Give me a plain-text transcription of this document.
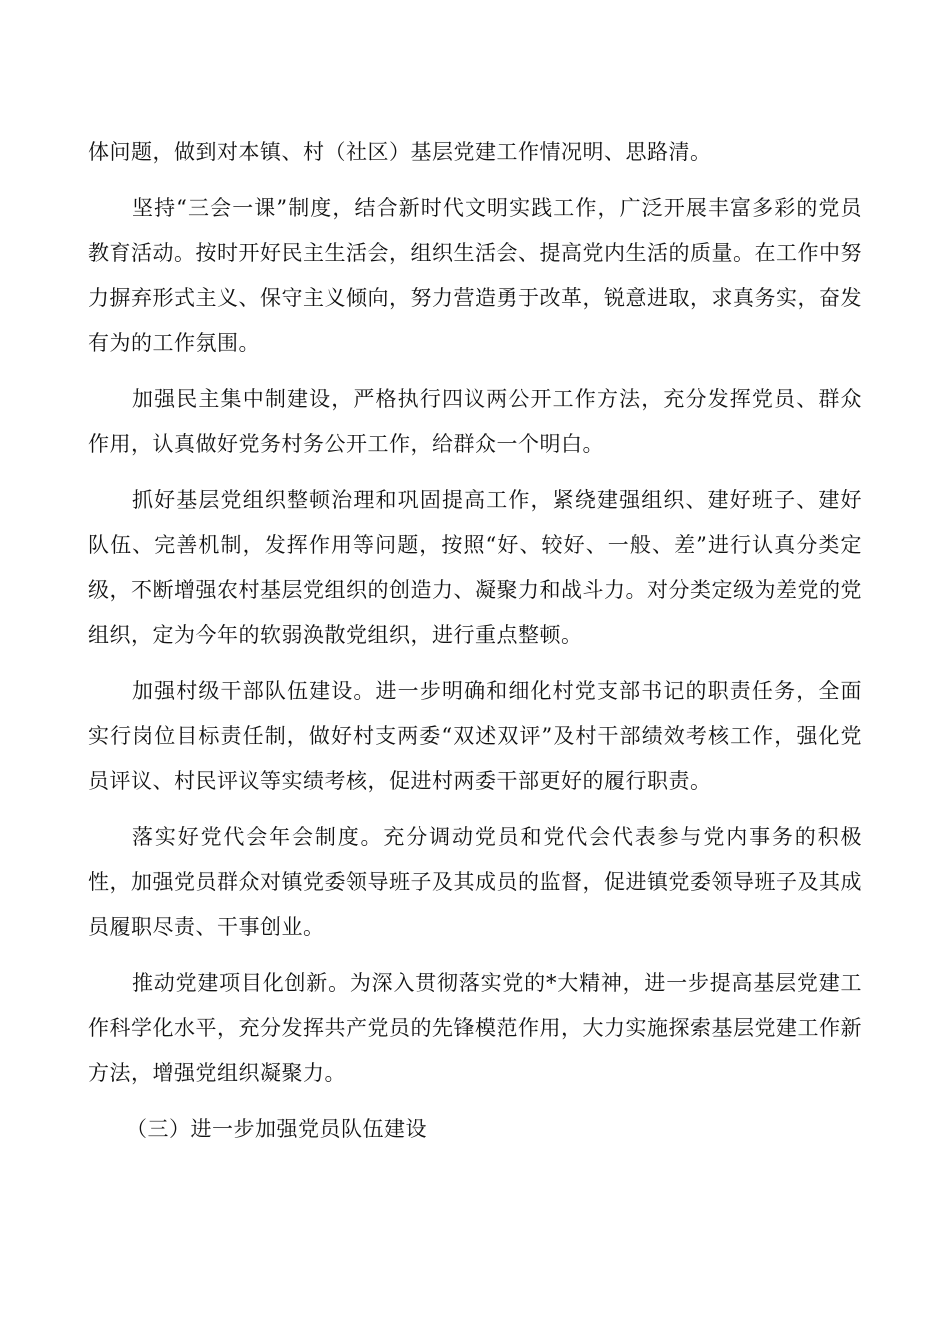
体问题，做到对本镇、村（社区）基层党建工作情况明、思路清。

坚持“三会一课”制度，结合新时代文明实践工作，广泛开展丰富多彩的党员教育活动。按时开好民主生活会，组织生活会、提高党内生活的质量。在工作中努力摒弃形式主义、保守主义倾向，努力营造勇于改革，锐意进取，求真务实，奋发有为的工作氛围。

加强民主集中制建设，严格执行四议两公开工作方法，充分发挥党员、群众作用，认真做好党务村务公开工作，给群众一个明白。

抓好基层党组织整顿治理和巩固提高工作，紧绕建强组织、建好班子、建好队伍、完善机制，发挥作用等问题，按照“好、较好、一般、差”进行认真分类定级，不断增强农村基层党组织的创造力、凝聚力和战斗力。对分类定级为差党的党组织，定为今年的软弱涣散党组织，进行重点整顿。

加强村级干部队伍建设。进一步明确和细化村党支部书记的职责任务，全面实行岗位目标责任制，做好村支两委“双述双评”及村干部绩效考核工作，强化党员评议、村民评议等实绩考核，促进村两委干部更好的履行职责。

落实好党代会年会制度。充分调动党员和党代会代表参与党内事务的积极性，加强党员群众对镇党委领导班子及其成员的监督，促进镇党委领导班子及其成员履职尽责、干事创业。

推动党建项目化创新。为深入贯彻落实党的*大精神，进一步提高基层党建工作科学化水平，充分发挥共产党员的先锋模范作用，大力实施探索基层党建工作新方法，增强党组织凝聚力。

（三）进一步加强党员队伍建设
